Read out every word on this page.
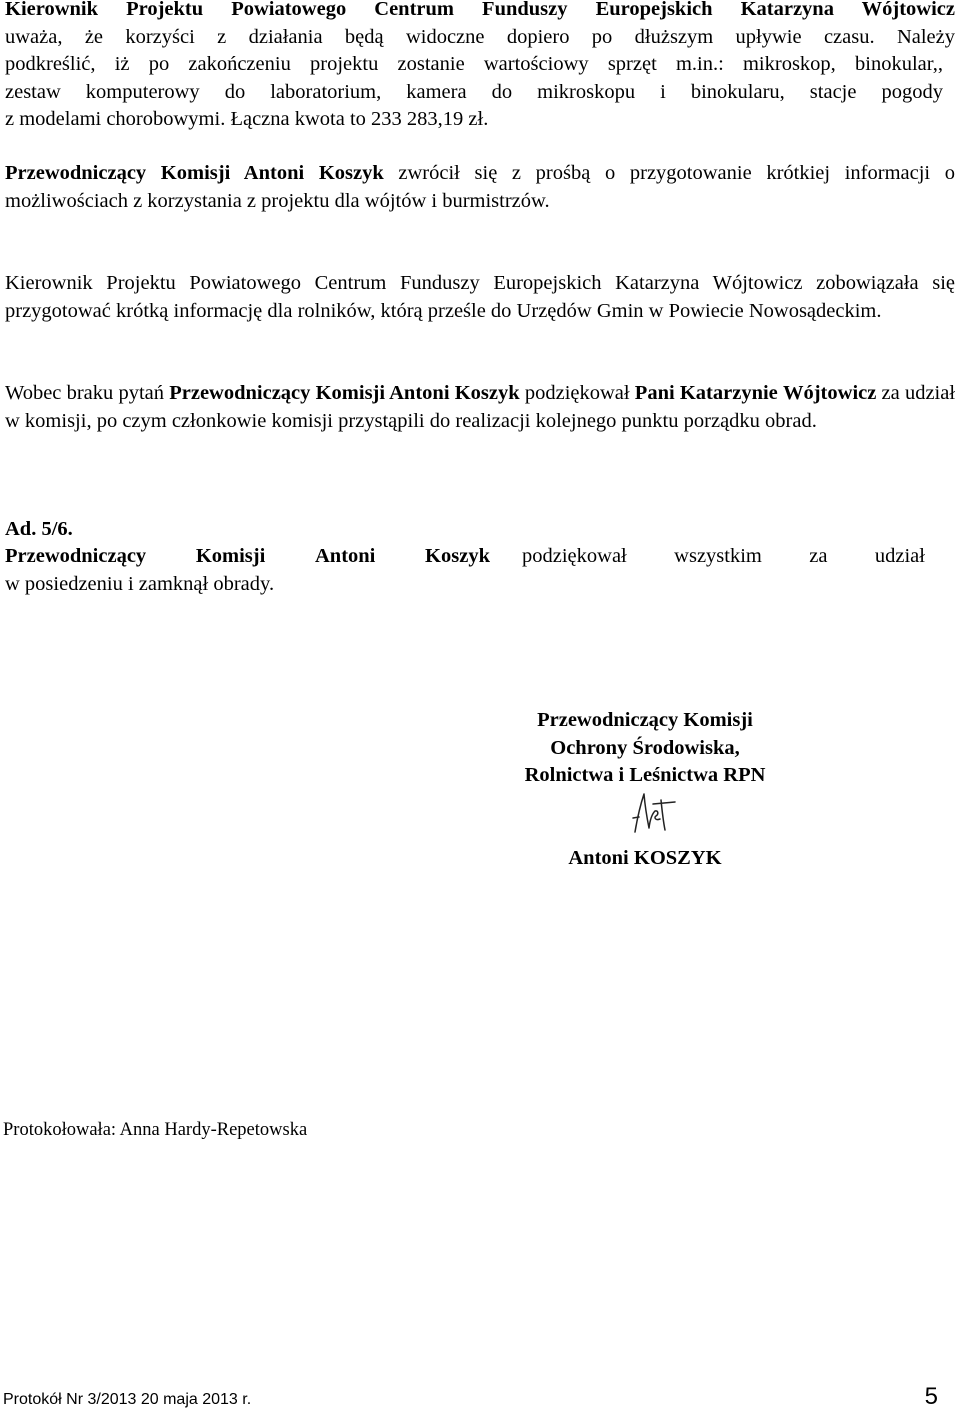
Kierownik Projektu Powiatowego Centrum Funduszy Europejskich Katarzyna Wójtowicz
uważa, że korzyści z działania będą widoczne dopiero po dłuższym upływie czasu. Należy
podkreślić, iż po zakończeniu projektu zostanie wartościowy sprzęt m.in.: mikroskop, binokular,,
zestaw komputerowy do laboratorium, kamera do mikroskopu i binokularu, stacje pogody
z modelami chorobowymi. Łączna kwota to 233 283,19 zł.
Przewodniczący Komisji Antoni Koszyk zwrócił się z prośbą o przygotowanie krótkiej informacji o możliwościach z korzystania z projektu dla wójtów i burmistrzów.
Kierownik Projektu Powiatowego Centrum Funduszy Europejskich Katarzyna Wójtowicz zobowiązała się przygotować krótką informację dla rolników, którą prześle do Urzędów Gmin w Powiecie Nowosądeckim.
Wobec braku pytań Przewodniczący Komisji Antoni Koszyk podziękował Pani Katarzynie Wójtowicz za udział w komisji, po czym członkowie komisji przystąpili do realizacji kolejnego punktu porządku obrad.
Ad. 5/6.
Przewodniczący Komisji Antoni Koszyk podziękował wszystkim za udział
w posiedzeniu i zamknął obrady.
Przewodniczący Komisji
Ochrony Środowiska,
Rolnictwa i Leśnictwa RPN
Antoni KOSZYK
Protokołowała: Anna Hardy-Repetowska
Protokół Nr 3/2013 20 maja 2013 r.	5
